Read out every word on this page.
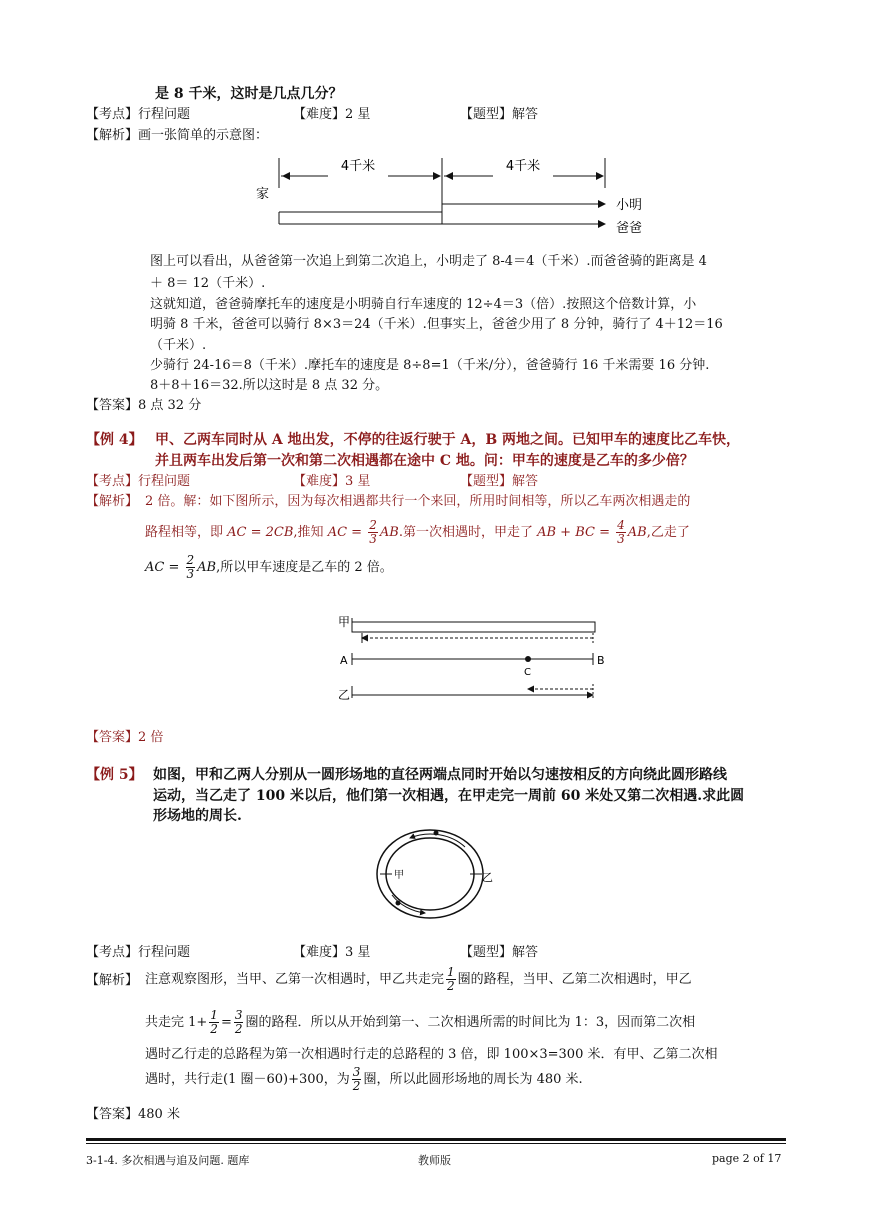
是 8 千米，这时是几点几分？
【考点】行程问题	【难度】2 星	【题型】解答
【解析】画一张简单的示意图：
4千米	4千米
家
小明
爸爸
图上可以看出，从爸爸第一次追上到第二次追上，小明走了 8-4＝4（千米）.而爸爸骑的距离是 4
＋ 8＝ 12（千米）.
这就知道，爸爸骑摩托车的速度是小明骑自行车速度的 12÷4＝3（倍）.按照这个倍数计算，小
明骑 8 千米，爸爸可以骑行 8×3＝24（千米）.但事实上，爸爸少用了 8 分钟，骑行了 4＋12＝16
（千米）.
少骑行 24-16＝8（千米）.摩托车的速度是 8÷8=1（千米/分），爸爸骑行 16 千米需要 16 分钟.
8＋8＋16＝32.所以这时是 8 点 32 分。
【答案】8 点 32 分
【例 4】 甲、乙两车同时从 A 地出发，不停的往返行驶于 A，B 两地之间。已知甲车的速度比乙车快，
并且两车出发后第一次和第二次相遇都在途中 C 地。问：甲车的速度是乙车的多少倍？
【考点】行程问题	【难度】3 星	【题型】解答
【解析】 2 倍。解：如下图所示，因为每次相遇都共行一个来回，所用时间相等，所以乙车两次相遇走的
路程相等，即 AC = 2CB,推知 AC = $\frac{2}{3}$ AB.第一次相遇时，甲走了 AB + BC = $\frac{4}{3}$ AB,乙走了
AC = $\frac{2}{3}$ AB,所以甲车速度是乙车的 2 倍。
甲
A	B
C
乙
【答案】2 倍
【例 5】 如图，甲和乙两人分别从一圆形场地的直径两端点同时开始以匀速按相反的方向绕此圆形路线
运动，当乙走了 100 米以后，他们第一次相遇，在甲走完一周前 60 米处又第二次相遇.求此圆
形场地的周长.
甲	乙
【考点】行程问题	【难度】3 星	【题型】解答
【解析】 注意观察图形，当甲、乙第一次相遇时，甲乙共走完 $\frac{1}{2}$ 圈的路程，当甲、乙第二次相遇时，甲乙
共走完 $1+ \frac{1}{2} = \frac{3}{2}$ 圈的路程．所以从开始到第一、二次相遇所需的时间比为 1：3，因而第二次相
遇时乙行走的总路程为第一次相遇时行走的总路程的 3 倍，即 100×3=300 米．有甲、乙第二次相
遇时，共行走(1 圈－60)+300，为 $\frac{3}{2}$ 圈，所以此圆形场地的周长为 480 米.
【答案】480 米
3-1-4. 多次相遇与追及问题. 题库	教师版	page 2 of 17
